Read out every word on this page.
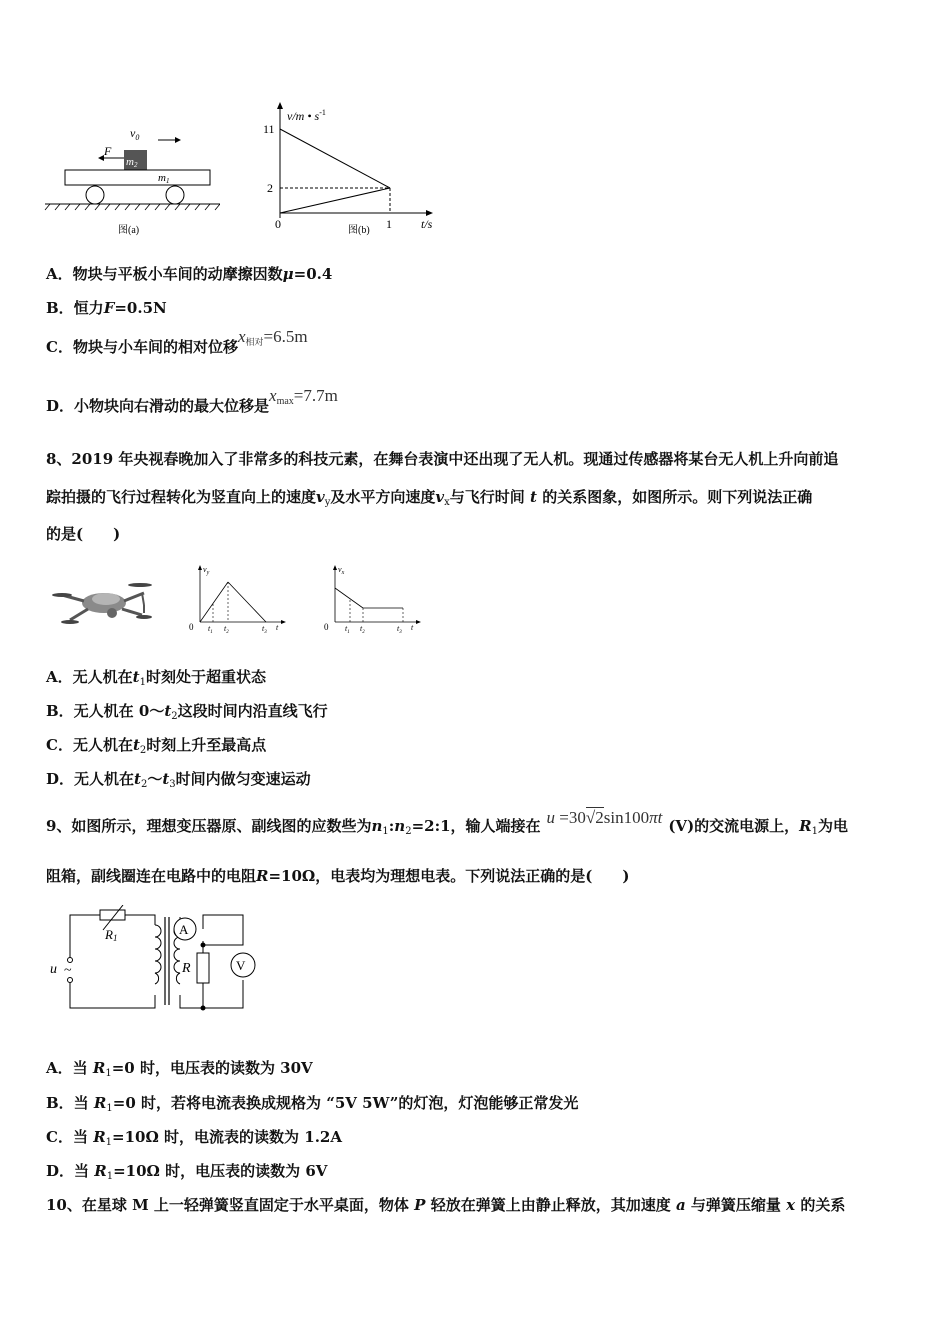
$v_0$
F
m2
m1
图(a)
v/m • $s^{-1}$
11
2
0	1 t/s
图(b)
A．物块与平板小车间的动摩擦因数μ=0.4
B．恒力F=0.5N
C．物块与小车间的相对位移$x_{相对}=6.5m$
D．小物块向右滑动的最大位移是$x_{max}=7.7m$
8、2019 年央视春晚加入了非常多的科技元素，在舞台表演中还出现了无人机。现通过传感器将某台无人机上升向前追
踪拍摄的飞行过程转化为竖直向上的速度$v_y$及水平方向速度$v_x$与飞行时间 t 的关系图象，如图所示。则下列说法正确
的是(　　)
$v_y$
0 $t_1$ $t_2$	$t_3$
t
$v_x$
0 $t_1$ $t_2$	$t_3$
t
A．无人机在$t_1$时刻处于超重状态
B．无人机在 $0\sim t_2$这段时间内沿直线飞行
C．无人机在$t_2$时刻上升至最高点
D．无人机在$t_2\sim t_3$时间内做匀变速运动
9、如图所示，理想变压器原、副线图的应数些为$n_1:n_2=2:1$，输人端接在 u =30√2sin100πt (V)的交流电源上，$R_1$为电
阻箱，副线圈连在电路中的电阻R=10Ω，电表均为理想电表。下列说法正确的是(　　)
A
V
R
R1
u ~
A．当 $R_1=0$ 时，电压表的读数为 30V
B．当 $R_1=0$ 时，若将电流表换成规格为 “5V 5W”的灯泡，灯泡能够正常发光
C．当 $R_1=10\Omega$ 时，电流表的读数为 1.2A
D．当 $R_1=10\Omega$ 时，电压表的读数为 6V
10、在星球 M 上一轻弹簧竖直固定于水平桌面，物体 P 轻放在弹簧上由静止释放，其加速度 a 与弹簧压缩量 x 的关系
